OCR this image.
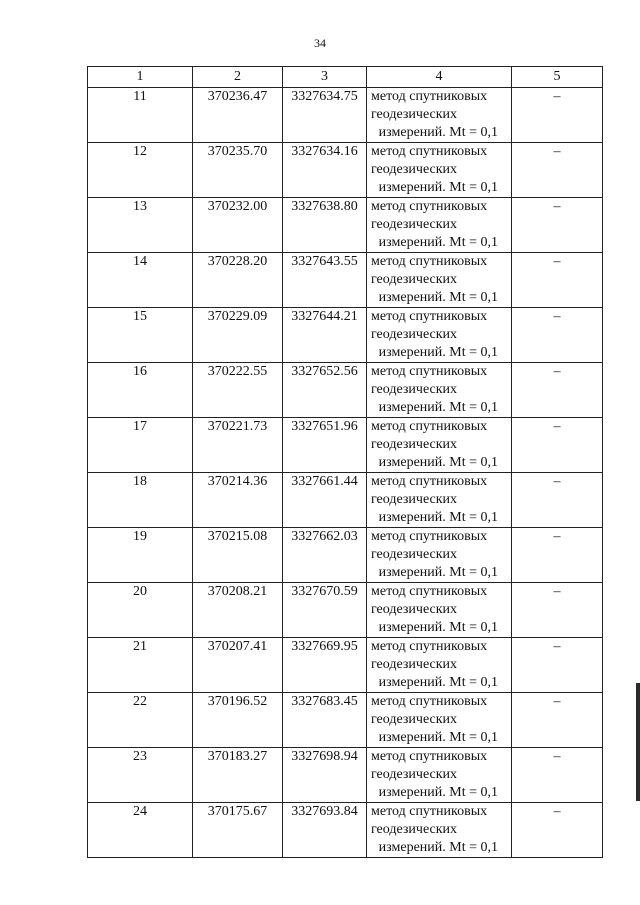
34
1	2	3	4	5
11	370236.47	3327634.75	метод спутниковых
геодезических
измерений. Mt = 0,1	–
12	370235.70	3327634.16	метод спутниковых
геодезических
измерений. Mt = 0,1	–
13	370232.00	3327638.80	метод спутниковых
геодезических
измерений. Mt = 0,1	–
14	370228.20	3327643.55	метод спутниковых
геодезических
измерений. Mt = 0,1	–
15	370229.09	3327644.21	метод спутниковых
геодезических
измерений. Mt = 0,1	–
16	370222.55	3327652.56	метод спутниковых
геодезических
измерений. Mt = 0,1	–
17	370221.73	3327651.96	метод спутниковых
геодезических
измерений. Mt = 0,1	–
18	370214.36	3327661.44	метод спутниковых
геодезических
измерений. Mt = 0,1	–
19	370215.08	3327662.03	метод спутниковых
геодезических
измерений. Mt = 0,1	–
20	370208.21	3327670.59	метод спутниковых
геодезических
измерений. Mt = 0,1	–
21	370207.41	3327669.95	метод спутниковых
геодезических
измерений. Mt = 0,1	–
22	370196.52	3327683.45	метод спутниковых
геодезических
измерений. Mt = 0,1	–
23	370183.27	3327698.94	метод спутниковых
геодезических
измерений. Mt = 0,1	–
24	370175.67	3327693.84	метод спутниковых
геодезических
измерений. Mt = 0,1	–
